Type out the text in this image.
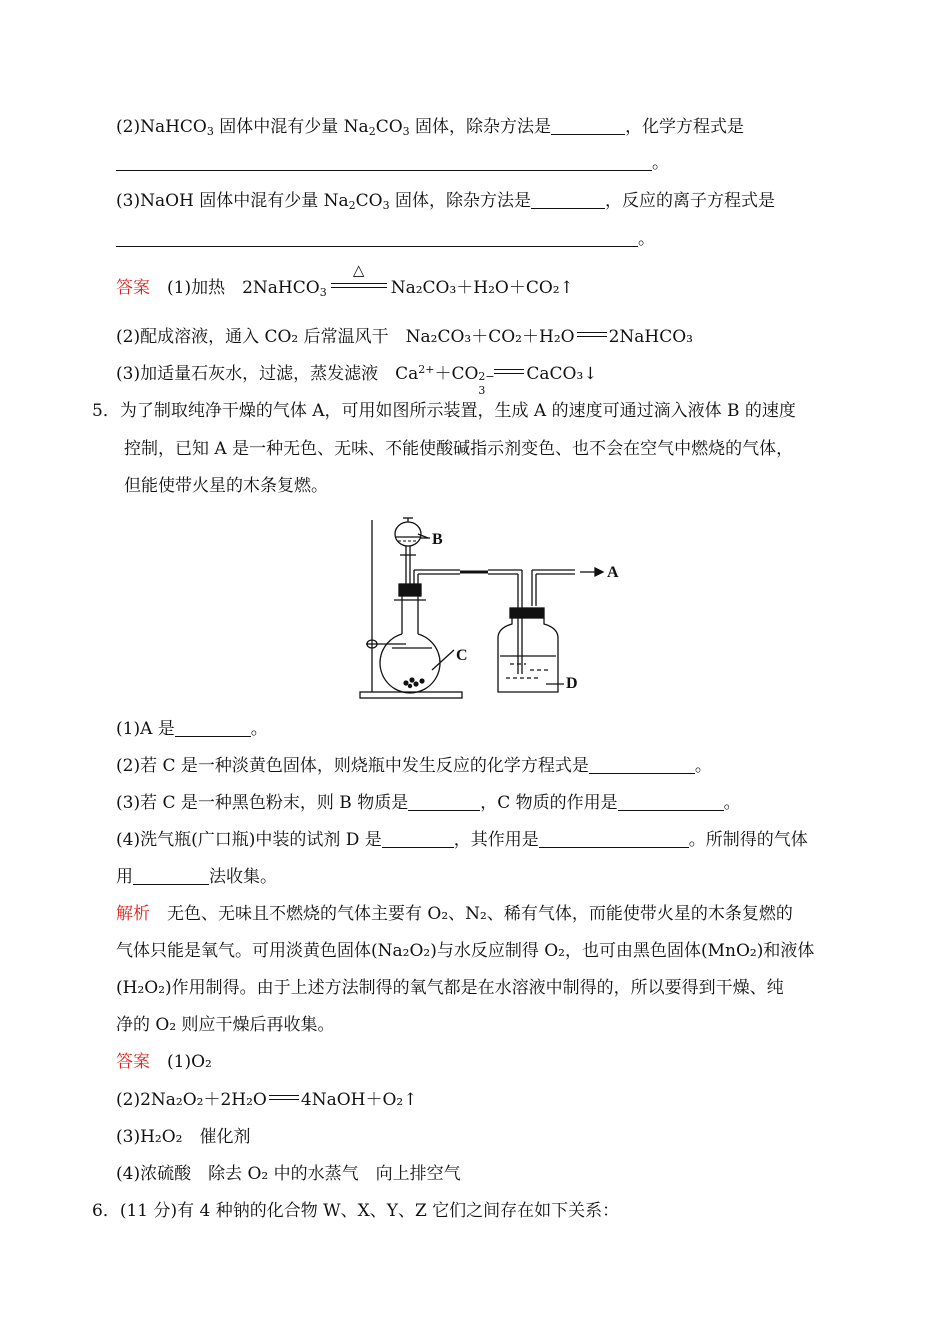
(2)NaHCO$_3$ 固体中混有少量 $Na_2CO_3$ 固体，除杂方法是	，化学方程式是
。
(3)NaOH 固体中混有少量 $Na_2CO_3$ 固体，除杂方法是	，反应的离子方程式是
。
答案　 (1)加热　2NaHCO$_3$
△
Na₂CO₃＋H₂O＋CO₂↑
(2)配成溶液，通入 CO₂ 后常温风干　Na₂CO₃＋CO₂＋H₂O 2NaHCO₃
(3)加适量石灰水，过滤，蒸发滤液　$Ca^{2+}+CO$ 2−
3
CaCO₃↓
5．为了制取纯净干燥的气体 A，可用如图所示装置，生成 A 的速度可通过滴入液体 B 的速度
控制，已知 A 是一种无色、无味、不能使酸碱指示剂变色、也不会在空气中燃烧的气体，
但能使带火星的木条复燃。
B
A
C
D
(1)A 是	。
(2)若 C 是一种淡黄色固体，则烧瓶中发生反应的化学方程式是	。
(3)若 C 是一种黑色粉末，则 B 物质是	，C 物质的作用是	。
(4)洗气瓶(广口瓶)中装的试剂 D 是	，其作用是	。所制得的气体
用	法收集。
解析　无色、无味且不燃烧的气体主要有 O₂、N₂、稀有气体，而能使带火星的木条复燃的
气体只能是氧气。可用淡黄色固体(Na₂O₂)与水反应制得 O₂，也可由黑色固体(MnO₂)和液体
(H₂O₂)作用制得。由于上述方法制得的氧气都是在水溶液中制得的，所以要得到干燥、纯
净的 O₂ 则应干燥后再收集。
答案　(1)O₂
(2)2Na₂O₂＋2H₂O 4NaOH＋O₂↑
(3)H₂O₂　催化剂
(4)浓硫酸　除去 O₂ 中的水蒸气　向上排空气
6．(11 分)有 4 种钠的化合物 W、X、Y、Z 它们之间存在如下关系：
